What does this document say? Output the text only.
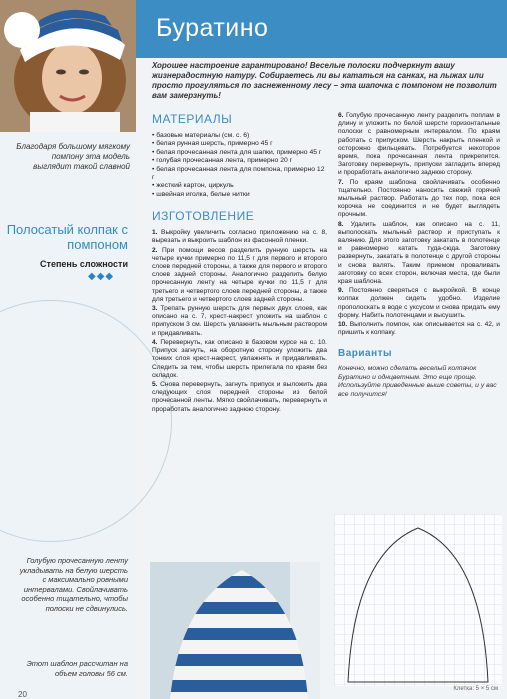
Благодаря большому мягкому помпону эта модель выглядит такой славной
Полосатый колпак с помпоном
Степень сложности
◆◆◆
Голубую прочесанную ленту укладывать на белую шерсть с максимально ровными интервалами. Свойлачивать особенно тщательно, чтобы полоски не сдвинулись.
Этот шаблон рассчитан на объем головы 56 см.
20
Буратино
Хорошее настроение гарантировано! Веселые полоски подчеркнут вашу жизнерадостную натуру. Собираетесь ли вы кататься на санках, на лыжах или просто прогуляться по заснеженному лесу – эта шапочка с помпоном не позволит вам замерзнуть!
МАТЕРИАЛЫ
• базовые материалы (см. с. 6)
• белая рунная шерсть, примерно 45 г
• белая прочесанная лента для шапки, примерно 45 г
• голубая прочесанная лента, примерно 20 г
• белая прочесанная лента для помпона, примерно 12 г
• жесткий картон, циркуль
• швейная иголка, белые нитки
ИЗГОТОВЛЕНИЕ

1. Выкройку увеличить согласно приложению на с. 8, вырезать и выкроить шаблон из фасонной пленки.

2. При помощи весов разделить рунную шерсть на четыре кучки примерно по 11,5 г для первого и второго слоев передней стороны, а также для первого и второго слоев задней стороны. Аналогично разделить белую прочесанную ленту на четыре кучки по 11,5 г для третьего и четвертого слоев передней стороны, а также для третьего и четвертого слоев задней стороны.

3. Трепать рунную шерсть для первых двух слоев, как описано на с. 7, крест-накрест уложить на шаблон с припуском 3 см. Шерсть увлажнить мыльным раствором и придавливать.

4. Перевернуть, как описано в базовом курсе на с. 10. Припуск загнуть, на оборотную сторону уложить два тонких слоя крест-накрест, увлажнять и придавливать. Следить за тем, чтобы шерсть прилегала по краям без складок.

5. Снова перевернуть, загнуть припуск и выложить два следующих слоя передней стороны из белой прочесанной ленты. Мягко свойлачивать, перевернуть и проработать аналогично заднюю сторону.

6. Голубую прочесанную ленту разделить поплам в длину и уложить по белой шерсти горизонтальные полоски с равномерным интервалом. По краям работать с припуском. Шерсть накрыть пленкой и осторожно фильцевать. Потребуется некоторое время, пока прочесанная лента прикрепится. Заготовку перевернуть, припуски загладить вперед и проработать аналогично заднюю сторону.

7. По краям шаблона свойлачивать особенно тщательно. Постоянно наносить свежий горячий мыльный раствор. Работать до тех пор, пока вся корочка не соединится и не будет выглядеть прочным.

8. Удалить шаблон, как описано на с. 11, выполоскать мыльный раствор и приступать к валянию. Для этого заготовку закатать в полотенце и равномерно катать туда-сюда. Заготовку развернуть, закатать в полотенце с другой стороны и снова валять. Таким приемом проваливать заготовку со всех сторон, включая места, где были края шаблона.

9. Постоянно сверяться с выкройкой. В конце колпак должен сидеть удобно. Изделие прополоскать в воде с уксусом и снова придать ему форму. Набить полотенцами и высушить.

10. Выполнить помпон, как описывается на с. 42, и пришить к колпаку.

Варианты
Конечно, можно сделать веселый колпачок Буратино и однцветным. Это еще проще. Используйте приведенные выше советы, и у вас все получится!
Клетка: 5 × 5 см
